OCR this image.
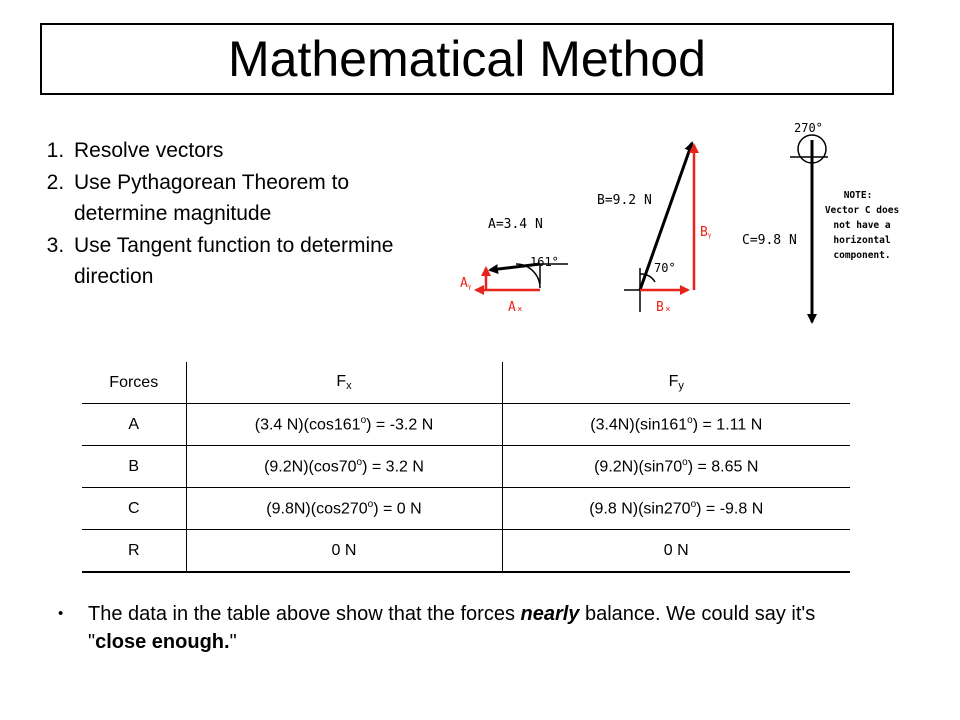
Mathematical Method
1. Resolve vectors
2. Use Pythagorean Theorem to determine magnitude
3. Use Tangent function to determine direction
A=3.4 N
161°
Aₓ
Aᵧ
B=9.2 N
70°
Bₓ
Bᵧ
270°
C=9.8 N
NOTE:
Vector C does
not have a
horizontal
component.
Forces	$F_x$	$F_y$
A	(3.4 $N)(\cos 161^o) = -3.2$ N	$(3.4N)(\sin 161^o) = 1.11$ N
B	$(9.2N)(\cos 70^o) = 3.2$ N	$(9.2N)(\sin 70^o) = 8.65$ N
C	$(9.8N)(\cos 270^o) = 0$ N	(9.8 $N)(\sin 270^o) = -9.8$ N
R	0 N	0 N
• The data in the table above show that the forces nearly balance. We could say it's "close enough."
